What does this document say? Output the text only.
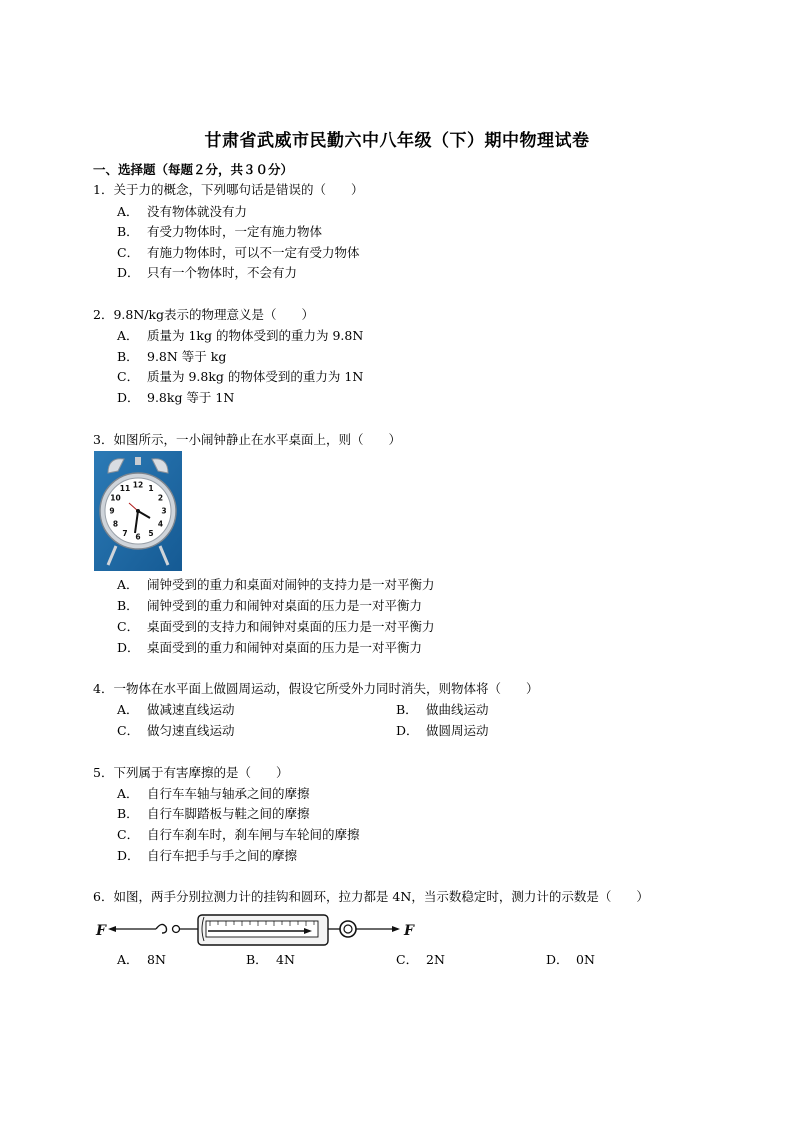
甘肃省武威市民勤六中八年级（下）期中物理试卷
一、选择题（每题２分，共３０分）
1．关于力的概念，下列哪句话是错误的（　　）
A． 没有物体就没有力
B． 有受力物体时，一定有施力物体
C． 有施力物体时，可以不一定有受力物体
D． 只有一个物体时，不会有力
2．9.8N/kg表示的物理意义是（　　）
A． 质量为 1kg 的物体受到的重力为 9.8N
B． 9.8N 等于 kg
C． 质量为 9.8kg 的物体受到的重力为 1N
D． 9.8kg 等于 1N
3．如图所示，一小闹钟静止在水平桌面上，则（　　）
12 1
2
3
4
5
6
7
8
9
10
11
A． 闹钟受到的重力和桌面对闹钟的支持力是一对平衡力
B． 闹钟受到的重力和闹钟对桌面的压力是一对平衡力
C． 桌面受到的支持力和闹钟对桌面的压力是一对平衡力
D． 桌面受到的重力和闹钟对桌面的压力是一对平衡力
4．一物体在水平面上做圆周运动，假设它所受外力同时消失，则物体将（　　）
A． 做减速直线运动	B． 做曲线运动
C． 做匀速直线运动	D． 做圆周运动
5．下列属于有害摩擦的是（　　）
A． 自行车车轴与轴承之间的摩擦
B． 自行车脚踏板与鞋之间的摩擦
C． 自行车刹车时，刹车闸与车轮间的摩擦
D． 自行车把手与手之间的摩擦
6．如图，两手分别拉测力计的挂钩和圆环，拉力都是 4N，当示数稳定时，测力计的示数是（　　）
F	F
A． 8N	B． 4N	C． 2N	D． 0N
